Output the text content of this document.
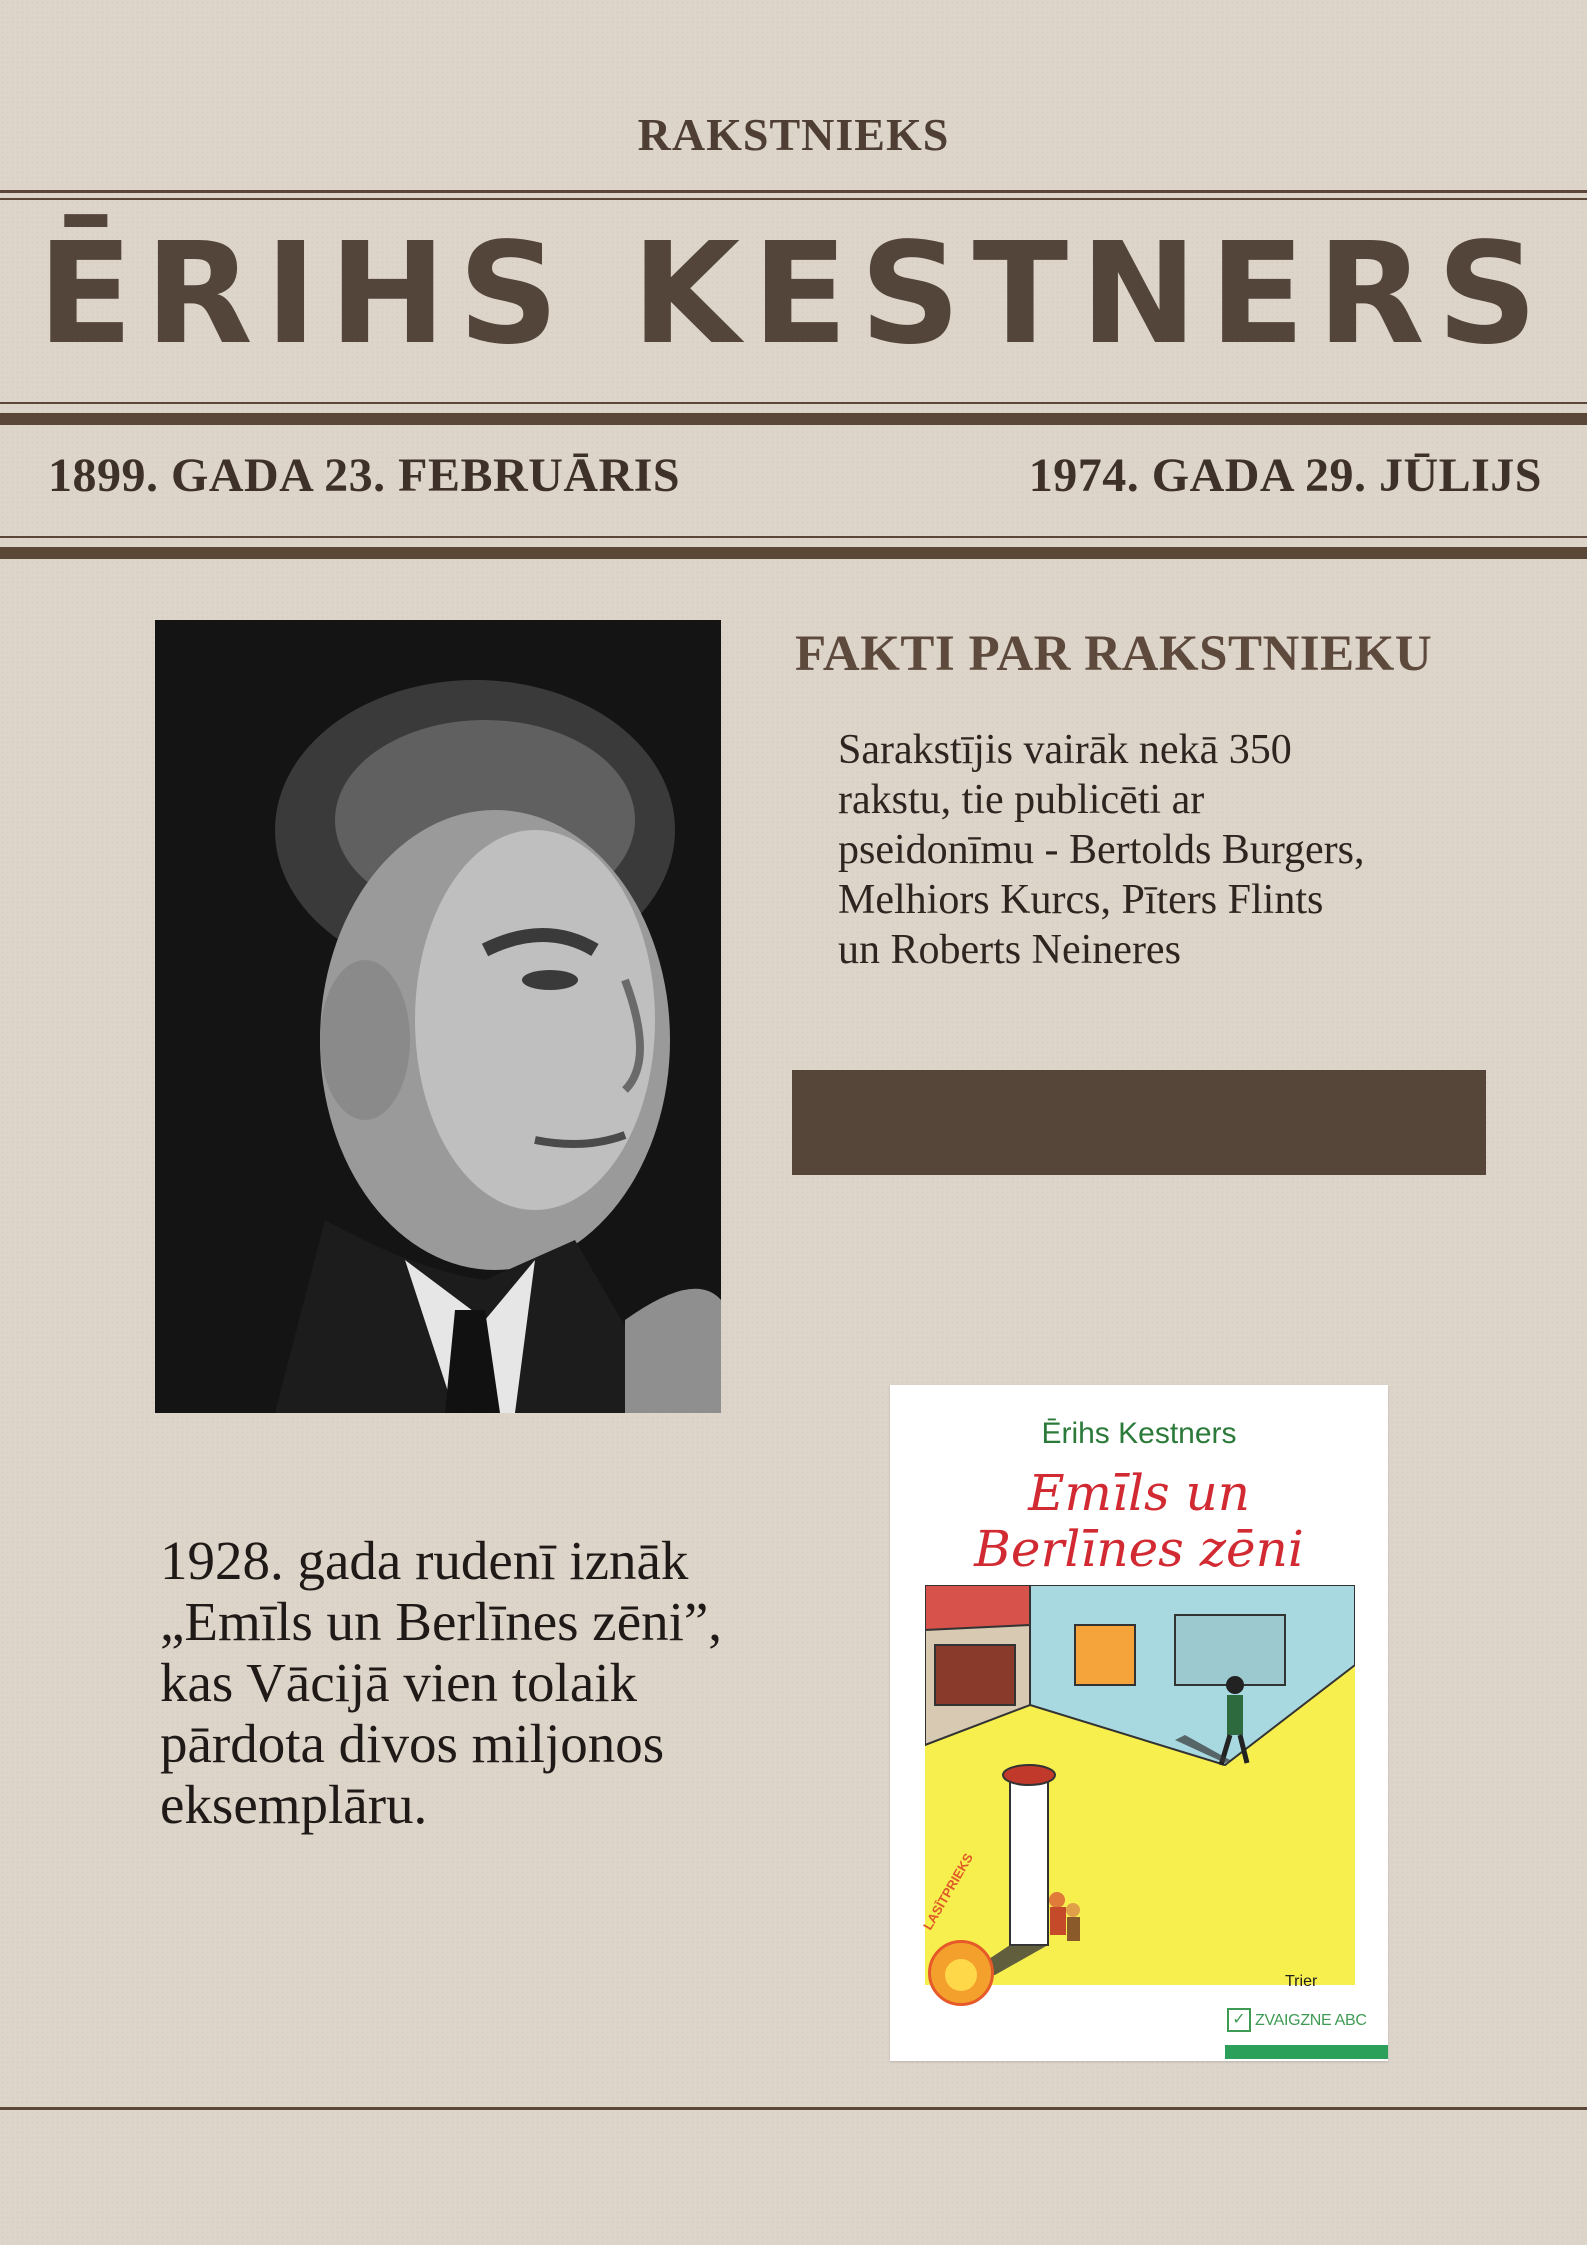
RAKSTNIEKS
ĒRIHS KESTNERS
1899. GADA 23. FEBRUĀRIS	1974. GADA 29. JŪLIJS
FAKTI PAR RAKSTNIEKU
Sarakstījis vairāk nekā 350
rakstu, tie publicēti ar
pseidonīmu - Bertolds Burgers,
Melhiors Kurcs, Pīters Flints
un Roberts Neineres
1928. gada rudenī iznāk
„Emīls un Berlīnes zēni”,
kas Vācijā vien tolaik
pārdota divos miljonos
eksemplāru.
Ērihs Kestners
Emīls un
Berlīnes zēni
Trier
LASĪTPRIEKS
✓ ZVAIGZNE ABC
